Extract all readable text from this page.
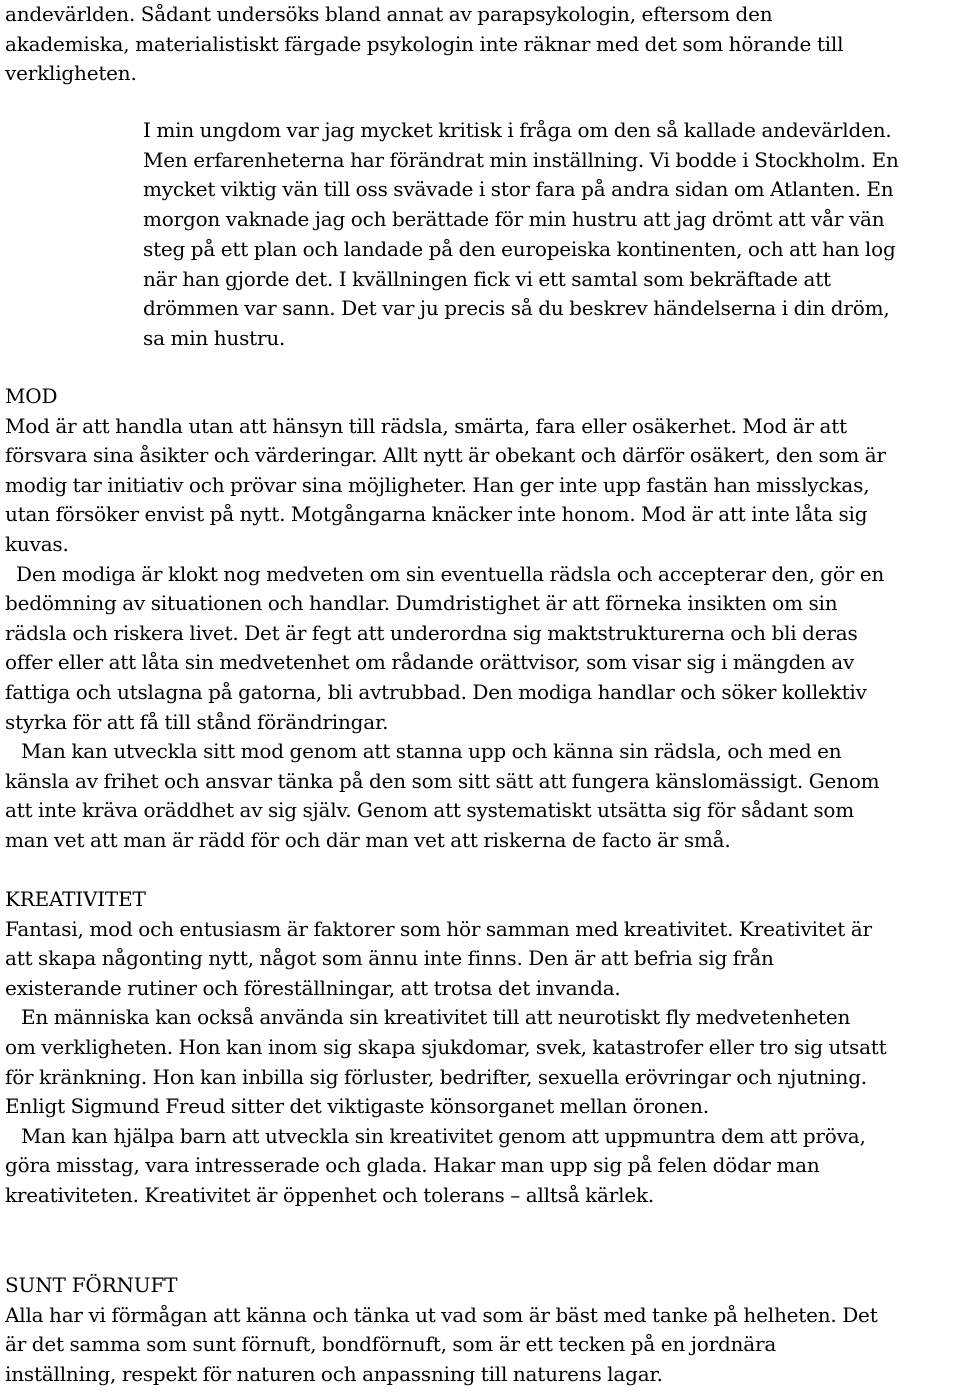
andevärlden. Sådant undersöks bland annat av parapsykologin, eftersom den
akademiska, materialistiskt färgade psykologin inte räknar med det som hörande till
verkligheten.
I min ungdom var jag mycket kritisk i fråga om den så kallade andevärlden.
Men erfarenheterna har förändrat min inställning. Vi bodde i Stockholm. En
mycket viktig vän till oss svävade i stor fara på andra sidan om Atlanten. En
morgon vaknade jag och berättade för min hustru att jag drömt att vår vän
steg på ett plan och landade på den europeiska kontinenten, och att han log
när han gjorde det. I kvällningen fick vi ett samtal som bekräftade att
drömmen var sann. Det var ju precis så du beskrev händelserna i din dröm,
sa min hustru.
MOD
Mod är att handla utan att hänsyn till rädsla, smärta, fara eller osäkerhet. Mod är att
försvara sina åsikter och värderingar. Allt nytt är obekant och därför osäkert, den som är
modig tar initiativ och prövar sina möjligheter. Han ger inte upp fastän han misslyckas,
utan försöker envist på nytt. Motgångarna knäcker inte honom. Mod är att inte låta sig
kuvas.
Den modiga är klokt nog medveten om sin eventuella rädsla och accepterar den, gör en
bedömning av situationen och handlar. Dumdristighet är att förneka insikten om sin
rädsla och riskera livet. Det är fegt att underordna sig maktstrukturerna och bli deras
offer eller att låta sin medvetenhet om rådande orättvisor, som visar sig i mängden av
fattiga och utslagna på gatorna, bli avtrubbad. Den modiga handlar och söker kollektiv
styrka för att få till stånd förändringar.
Man kan utveckla sitt mod genom att stanna upp och känna sin rädsla, och med en
känsla av frihet och ansvar tänka på den som sitt sätt att fungera känslomässigt. Genom
att inte kräva oräddhet av sig själv. Genom att systematiskt utsätta sig för sådant som
man vet att man är rädd för och där man vet att riskerna de facto är små.
KREATIVITET
Fantasi, mod och entusiasm är faktorer som hör samman med kreativitet. Kreativitet är
att skapa någonting nytt, något som ännu inte finns. Den är att befria sig från
existerande rutiner och föreställningar, att trotsa det invanda.
En människa kan också använda sin kreativitet till att neurotiskt fly medvetenheten
om verkligheten. Hon kan inom sig skapa sjukdomar, svek, katastrofer eller tro sig utsatt
för kränkning. Hon kan inbilla sig förluster, bedrifter, sexuella erövringar och njutning.
Enligt Sigmund Freud sitter det viktigaste könsorganet mellan öronen.
Man kan hjälpa barn att utveckla sin kreativitet genom att uppmuntra dem att pröva,
göra misstag, vara intresserade och glada. Hakar man upp sig på felen dödar man
kreativiteten. Kreativitet är öppenhet och tolerans – alltså kärlek.
SUNT FÖRNUFT
Alla har vi förmågan att känna och tänka ut vad som är bäst med tanke på helheten. Det
är det samma som sunt förnuft, bondförnuft, som är ett tecken på en jordnära
inställning, respekt för naturen och anpassning till naturens lagar.
